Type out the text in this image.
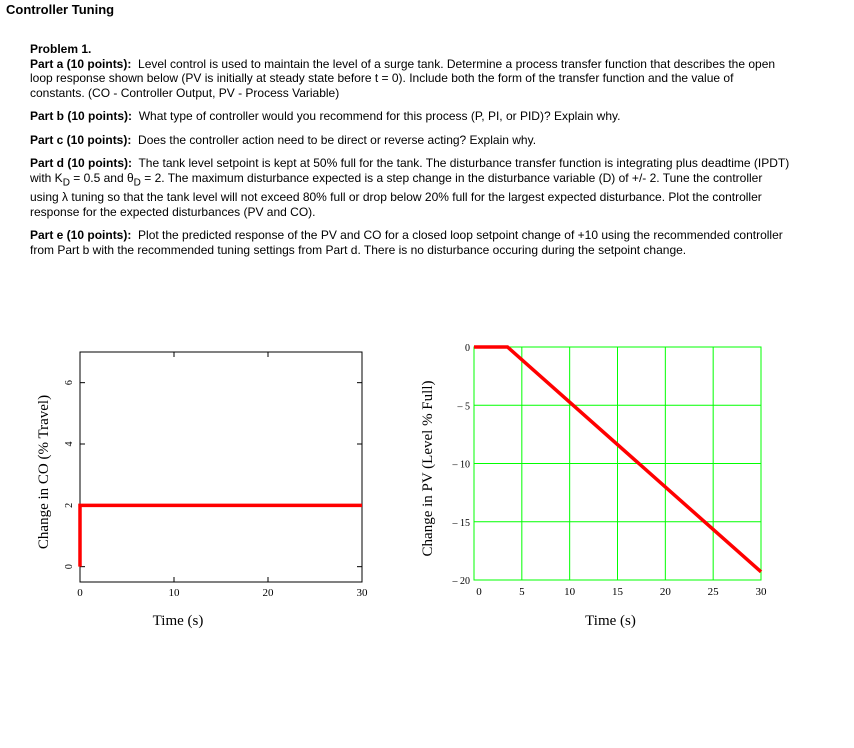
Controller Tuning

Problem 1.

Part a (10 points): Level control is used to maintain the level of a surge tank. Determine a process transfer function that describes the open loop response shown below (PV is initially at steady state before t = 0). Include both the form of the transfer function and the value of constants. (CO - Controller Output, PV - Process Variable)

Part b (10 points): What type of controller would you recommend for this process (P, PI, or PID)? Explain why.

Part c (10 points): Does the controller action need to be direct or reverse acting? Explain why.

Part d (10 points): The tank level setpoint is kept at 50% full for the tank. The disturbance transfer function is integrating plus deadtime (IPDT) with $K_D = 0.5$ and $\theta_D = 2$. The maximum disturbance expected is a step change in the disturbance variable (D) of +/- 2. Tune the controller using λ tuning so that the tank level will not exceed 80% full or drop below 20% full for the largest expected disturbance. Plot the controller response for the expected disturbances (PV and CO).

Part e (10 points): Plot the predicted response of the PV and CO for a closed loop setpoint change of +10 using the recommended controller from Part b with the recommended tuning settings from Part d. There is no disturbance occuring during the setpoint change.

0	10	20	30
0
2
4
6
Time (s)
Change in CO (% Travel)
0	5	10	15	20	25	30
0
– 5
– 10
– 15
– 20
Time (s)
Change in PV (Level % Full)
